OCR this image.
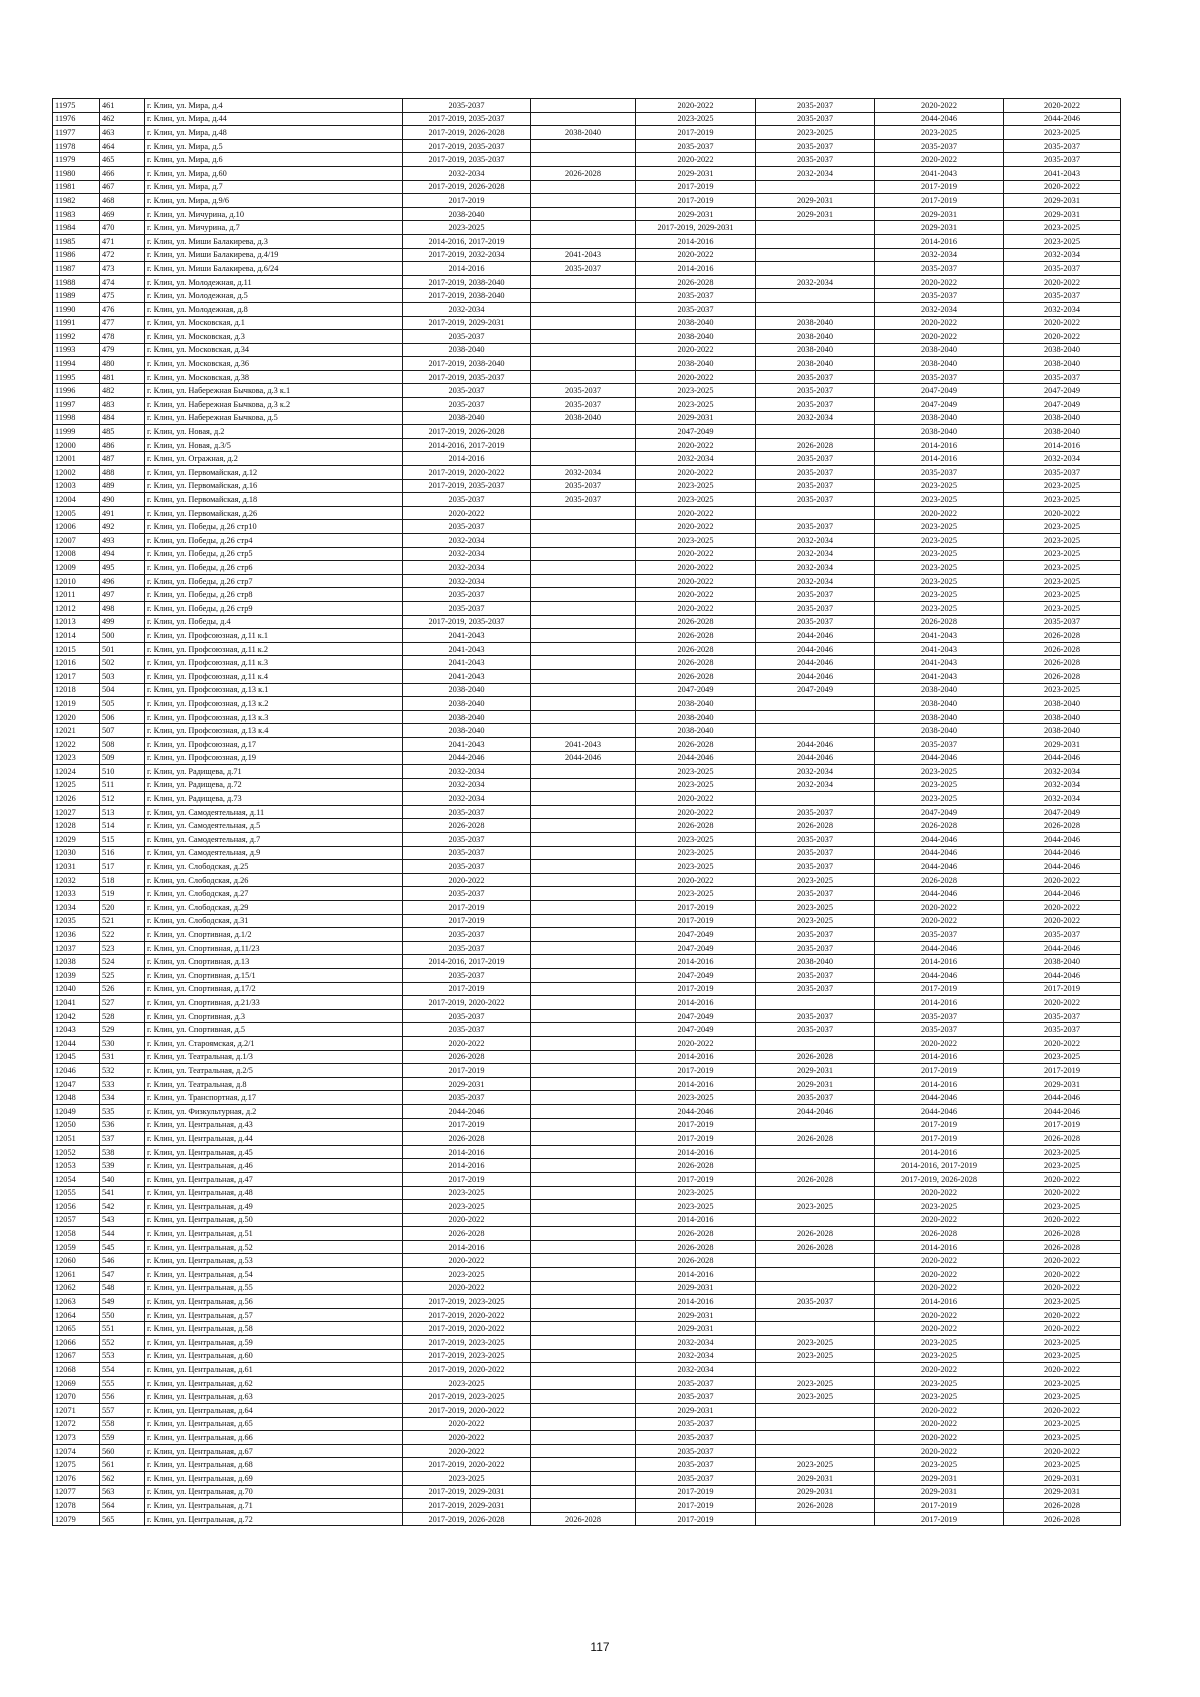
11975	461	г. Клин, ул. Мира, д.4	2035-2037		2020-2022	2035-2037	2020-2022	2020-2022
11976	462	г. Клин, ул. Мира, д.44	2017-2019, 2035-2037		2023-2025	2035-2037	2044-2046	2044-2046
11977	463	г. Клин, ул. Мира, д.48	2017-2019, 2026-2028	2038-2040	2017-2019	2023-2025	2023-2025	2023-2025
11978	464	г. Клин, ул. Мира, д.5	2017-2019, 2035-2037		2035-2037	2035-2037	2035-2037	2035-2037
11979	465	г. Клин, ул. Мира, д.6	2017-2019, 2035-2037		2020-2022	2035-2037	2020-2022	2035-2037
11980	466	г. Клин, ул. Мира, д.60	2032-2034	2026-2028	2029-2031	2032-2034	2041-2043	2041-2043
11981	467	г. Клин, ул. Мира, д.7	2017-2019, 2026-2028		2017-2019		2017-2019	2020-2022
11982	468	г. Клин, ул. Мира, д.9/6	2017-2019		2017-2019	2029-2031	2017-2019	2029-2031
11983	469	г. Клин, ул. Мичурина, д.10	2038-2040		2029-2031	2029-2031	2029-2031	2029-2031
11984	470	г. Клин, ул. Мичурина, д.7	2023-2025		2017-2019, 2029-2031		2029-2031	2023-2025
11985	471	г. Клин, ул. Миши Балакирева, д.3	2014-2016, 2017-2019		2014-2016		2014-2016	2023-2025
11986	472	г. Клин, ул. Миши Балакирева, д.4/19	2017-2019, 2032-2034	2041-2043	2020-2022		2032-2034	2032-2034
11987	473	г. Клин, ул. Миши Балакирева, д.6/24	2014-2016	2035-2037	2014-2016		2035-2037	2035-2037
11988	474	г. Клин, ул. Молодежная, д.11	2017-2019, 2038-2040		2026-2028	2032-2034	2020-2022	2020-2022
11989	475	г. Клин, ул. Молодежная, д.5	2017-2019, 2038-2040		2035-2037		2035-2037	2035-2037
11990	476	г. Клин, ул. Молодежная, д.8	2032-2034		2035-2037		2032-2034	2032-2034
11991	477	г. Клин, ул. Московская, д.1	2017-2019, 2029-2031		2038-2040	2038-2040	2020-2022	2020-2022
11992	478	г. Клин, ул. Московская, д.3	2035-2037		2038-2040	2038-2040	2020-2022	2020-2022
11993	479	г. Клин, ул. Московская, д.34	2038-2040		2020-2022	2038-2040	2038-2040	2038-2040
11994	480	г. Клин, ул. Московская, д.36	2017-2019, 2038-2040		2038-2040	2038-2040	2038-2040	2038-2040
11995	481	г. Клин, ул. Московская, д.38	2017-2019, 2035-2037		2020-2022	2035-2037	2035-2037	2035-2037
11996	482	г. Клин, ул. Набережная Бычкова, д.3 к.1	2035-2037	2035-2037	2023-2025	2035-2037	2047-2049	2047-2049
11997	483	г. Клин, ул. Набережная Бычкова, д.3 к.2	2035-2037	2035-2037	2023-2025	2035-2037	2047-2049	2047-2049
11998	484	г. Клин, ул. Набережная Бычкова, д.5	2038-2040	2038-2040	2029-2031	2032-2034	2038-2040	2038-2040
11999	485	г. Клин, ул. Новая, д.2	2017-2019, 2026-2028		2047-2049		2038-2040	2038-2040
12000	486	г. Клин, ул. Новая, д.3/5	2014-2016, 2017-2019		2020-2022	2026-2028	2014-2016	2014-2016
12001	487	г. Клин, ул. Огражная, д.2	2014-2016		2032-2034	2035-2037	2014-2016	2032-2034
12002	488	г. Клин, ул. Первомайская, д.12	2017-2019, 2020-2022	2032-2034	2020-2022	2035-2037	2035-2037	2035-2037
12003	489	г. Клин, ул. Первомайская, д.16	2017-2019, 2035-2037	2035-2037	2023-2025	2035-2037	2023-2025	2023-2025
12004	490	г. Клин, ул. Первомайская, д.18	2035-2037	2035-2037	2023-2025	2035-2037	2023-2025	2023-2025
12005	491	г. Клин, ул. Первомайская, д.26	2020-2022		2020-2022		2020-2022	2020-2022
12006	492	г. Клин, ул. Победы, д.26 стр10	2035-2037		2020-2022	2035-2037	2023-2025	2023-2025
12007	493	г. Клин, ул. Победы, д.26 стр4	2032-2034		2023-2025	2032-2034	2023-2025	2023-2025
12008	494	г. Клин, ул. Победы, д.26 стр5	2032-2034		2020-2022	2032-2034	2023-2025	2023-2025
12009	495	г. Клин, ул. Победы, д.26 стр6	2032-2034		2020-2022	2032-2034	2023-2025	2023-2025
12010	496	г. Клин, ул. Победы, д.26 стр7	2032-2034		2020-2022	2032-2034	2023-2025	2023-2025
12011	497	г. Клин, ул. Победы, д.26 стр8	2035-2037		2020-2022	2035-2037	2023-2025	2023-2025
12012	498	г. Клин, ул. Победы, д.26 стр9	2035-2037		2020-2022	2035-2037	2023-2025	2023-2025
12013	499	г. Клин, ул. Победы, д.4	2017-2019, 2035-2037		2026-2028	2035-2037	2026-2028	2035-2037
12014	500	г. Клин, ул. Профсоюзная, д.11 к.1	2041-2043		2026-2028	2044-2046	2041-2043	2026-2028
12015	501	г. Клин, ул. Профсоюзная, д.11 к.2	2041-2043		2026-2028	2044-2046	2041-2043	2026-2028
12016	502	г. Клин, ул. Профсоюзная, д.11 к.3	2041-2043		2026-2028	2044-2046	2041-2043	2026-2028
12017	503	г. Клин, ул. Профсоюзная, д.11 к.4	2041-2043		2026-2028	2044-2046	2041-2043	2026-2028
12018	504	г. Клин, ул. Профсоюзная, д.13 к.1	2038-2040		2047-2049	2047-2049	2038-2040	2023-2025
12019	505	г. Клин, ул. Профсоюзная, д.13 к.2	2038-2040		2038-2040		2038-2040	2038-2040
12020	506	г. Клин, ул. Профсоюзная, д.13 к.3	2038-2040		2038-2040		2038-2040	2038-2040
12021	507	г. Клин, ул. Профсоюзная, д.13 к.4	2038-2040		2038-2040		2038-2040	2038-2040
12022	508	г. Клин, ул. Профсоюзная, д.17	2041-2043	2041-2043	2026-2028	2044-2046	2035-2037	2029-2031
12023	509	г. Клин, ул. Профсоюзная, д.19	2044-2046	2044-2046	2044-2046	2044-2046	2044-2046	2044-2046
12024	510	г. Клин, ул. Радищева, д.71	2032-2034		2023-2025	2032-2034	2023-2025	2032-2034
12025	511	г. Клин, ул. Радищева, д.72	2032-2034		2023-2025	2032-2034	2023-2025	2032-2034
12026	512	г. Клин, ул. Радищева, д.73	2032-2034		2020-2022		2023-2025	2032-2034
12027	513	г. Клин, ул. Самодеятельная, д.11	2035-2037		2020-2022	2035-2037	2047-2049	2047-2049
12028	514	г. Клин, ул. Самодеятельная, д.5	2026-2028		2026-2028	2026-2028	2026-2028	2026-2028
12029	515	г. Клин, ул. Самодеятельная, д.7	2035-2037		2023-2025	2035-2037	2044-2046	2044-2046
12030	516	г. Клин, ул. Самодеятельная, д.9	2035-2037		2023-2025	2035-2037	2044-2046	2044-2046
12031	517	г. Клин, ул. Слободская, д.25	2035-2037		2023-2025	2035-2037	2044-2046	2044-2046
12032	518	г. Клин, ул. Слободская, д.26	2020-2022		2020-2022	2023-2025	2026-2028	2020-2022
12033	519	г. Клин, ул. Слободская, д.27	2035-2037		2023-2025	2035-2037	2044-2046	2044-2046
12034	520	г. Клин, ул. Слободская, д.29	2017-2019		2017-2019	2023-2025	2020-2022	2020-2022
12035	521	г. Клин, ул. Слободская, д.31	2017-2019		2017-2019	2023-2025	2020-2022	2020-2022
12036	522	г. Клин, ул. Спортивная, д.1/2	2035-2037		2047-2049	2035-2037	2035-2037	2035-2037
12037	523	г. Клин, ул. Спортивная, д.11/23	2035-2037		2047-2049	2035-2037	2044-2046	2044-2046
12038	524	г. Клин, ул. Спортивная, д.13	2014-2016, 2017-2019		2014-2016	2038-2040	2014-2016	2038-2040
12039	525	г. Клин, ул. Спортивная, д.15/1	2035-2037		2047-2049	2035-2037	2044-2046	2044-2046
12040	526	г. Клин, ул. Спортивная, д.17/2	2017-2019		2017-2019	2035-2037	2017-2019	2017-2019
12041	527	г. Клин, ул. Спортивная, д.21/33	2017-2019, 2020-2022		2014-2016		2014-2016	2020-2022
12042	528	г. Клин, ул. Спортивная, д.3	2035-2037		2047-2049	2035-2037	2035-2037	2035-2037
12043	529	г. Клин, ул. Спортивная, д.5	2035-2037		2047-2049	2035-2037	2035-2037	2035-2037
12044	530	г. Клин, ул. Староямская, д.2/1	2020-2022		2020-2022		2020-2022	2020-2022
12045	531	г. Клин, ул. Театральная, д.1/3	2026-2028		2014-2016	2026-2028	2014-2016	2023-2025
12046	532	г. Клин, ул. Театральная, д.2/5	2017-2019		2017-2019	2029-2031	2017-2019	2017-2019
12047	533	г. Клин, ул. Театральная, д.8	2029-2031		2014-2016	2029-2031	2014-2016	2029-2031
12048	534	г. Клин, ул. Транспортная, д.17	2035-2037		2023-2025	2035-2037	2044-2046	2044-2046
12049	535	г. Клин, ул. Физкультурная, д.2	2044-2046		2044-2046	2044-2046	2044-2046	2044-2046
12050	536	г. Клин, ул. Центральная, д.43	2017-2019		2017-2019		2017-2019	2017-2019
12051	537	г. Клин, ул. Центральная, д.44	2026-2028		2017-2019	2026-2028	2017-2019	2026-2028
12052	538	г. Клин, ул. Центральная, д.45	2014-2016		2014-2016		2014-2016	2023-2025
12053	539	г. Клин, ул. Центральная, д.46	2014-2016		2026-2028		2014-2016, 2017-2019	2023-2025
12054	540	г. Клин, ул. Центральная, д.47	2017-2019		2017-2019	2026-2028	2017-2019, 2026-2028	2020-2022
12055	541	г. Клин, ул. Центральная, д.48	2023-2025		2023-2025		2020-2022	2020-2022
12056	542	г. Клин, ул. Центральная, д.49	2023-2025		2023-2025	2023-2025	2023-2025	2023-2025
12057	543	г. Клин, ул. Центральная, д.50	2020-2022		2014-2016		2020-2022	2020-2022
12058	544	г. Клин, ул. Центральная, д.51	2026-2028		2026-2028	2026-2028	2026-2028	2026-2028
12059	545	г. Клин, ул. Центральная, д.52	2014-2016		2026-2028	2026-2028	2014-2016	2026-2028
12060	546	г. Клин, ул. Центральная, д.53	2020-2022		2026-2028		2020-2022	2020-2022
12061	547	г. Клин, ул. Центральная, д.54	2023-2025		2014-2016		2020-2022	2020-2022
12062	548	г. Клин, ул. Центральная, д.55	2020-2022		2029-2031		2020-2022	2020-2022
12063	549	г. Клин, ул. Центральная, д.56	2017-2019, 2023-2025		2014-2016	2035-2037	2014-2016	2023-2025
12064	550	г. Клин, ул. Центральная, д.57	2017-2019, 2020-2022		2029-2031		2020-2022	2020-2022
12065	551	г. Клин, ул. Центральная, д.58	2017-2019, 2020-2022		2029-2031		2020-2022	2020-2022
12066	552	г. Клин, ул. Центральная, д.59	2017-2019, 2023-2025		2032-2034	2023-2025	2023-2025	2023-2025
12067	553	г. Клин, ул. Центральная, д.60	2017-2019, 2023-2025		2032-2034	2023-2025	2023-2025	2023-2025
12068	554	г. Клин, ул. Центральная, д.61	2017-2019, 2020-2022		2032-2034		2020-2022	2020-2022
12069	555	г. Клин, ул. Центральная, д.62	2023-2025		2035-2037	2023-2025	2023-2025	2023-2025
12070	556	г. Клин, ул. Центральная, д.63	2017-2019, 2023-2025		2035-2037	2023-2025	2023-2025	2023-2025
12071	557	г. Клин, ул. Центральная, д.64	2017-2019, 2020-2022		2029-2031		2020-2022	2020-2022
12072	558	г. Клин, ул. Центральная, д.65	2020-2022		2035-2037		2020-2022	2023-2025
12073	559	г. Клин, ул. Центральная, д.66	2020-2022		2035-2037		2020-2022	2023-2025
12074	560	г. Клин, ул. Центральная, д.67	2020-2022		2035-2037		2020-2022	2020-2022
12075	561	г. Клин, ул. Центральная, д.68	2017-2019, 2020-2022		2035-2037	2023-2025	2023-2025	2023-2025
12076	562	г. Клин, ул. Центральная, д.69	2023-2025		2035-2037	2029-2031	2029-2031	2029-2031
12077	563	г. Клин, ул. Центральная, д.70	2017-2019, 2029-2031		2017-2019	2029-2031	2029-2031	2029-2031
12078	564	г. Клин, ул. Центральная, д.71	2017-2019, 2029-2031		2017-2019	2026-2028	2017-2019	2026-2028
12079	565	г. Клин, ул. Центральная, д.72	2017-2019, 2026-2028	2026-2028	2017-2019		2017-2019	2026-2028
117
